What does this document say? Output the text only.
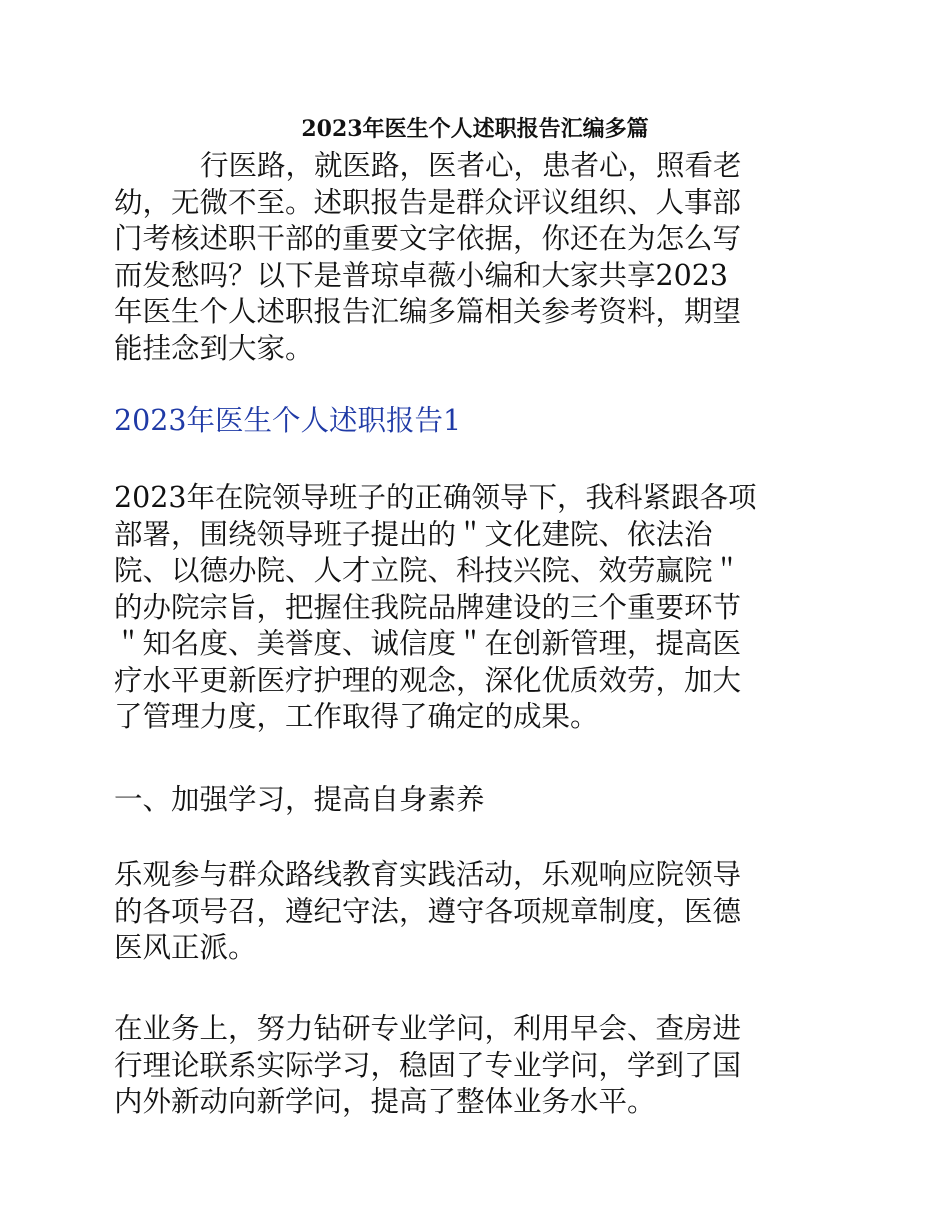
2023年医生个人述职报告汇编多篇
行医路，就医路，医者心，患者心，照看老
幼，无微不至。述职报告是群众评议组织、人事部
门考核述职干部的重要文字依据，你还在为怎么写
而发愁吗？以下是普琼卓薇小编和大家共享2023
年医生个人述职报告汇编多篇相关参考资料，期望
能挂念到大家。
2023年医生个人述职报告1
2023年在院领导班子的正确领导下，我科紧跟各项
部署，围绕领导班子提出的＂文化建院、依法治
院、以德办院、人才立院、科技兴院、效劳赢院＂
的办院宗旨，把握住我院品牌建设的三个重要环节
＂知名度、美誉度、诚信度＂在创新管理，提高医
疗水平更新医疗护理的观念，深化优质效劳，加大
了管理力度，工作取得了确定的成果。
一、加强学习，提高自身素养
乐观参与群众路线教育实践活动，乐观响应院领导
的各项号召，遵纪守法，遵守各项规章制度，医德
医风正派。
在业务上，努力钻研专业学问，利用早会、查房进
行理论联系实际学习，稳固了专业学问，学到了国
内外新动向新学问，提高了整体业务水平。
